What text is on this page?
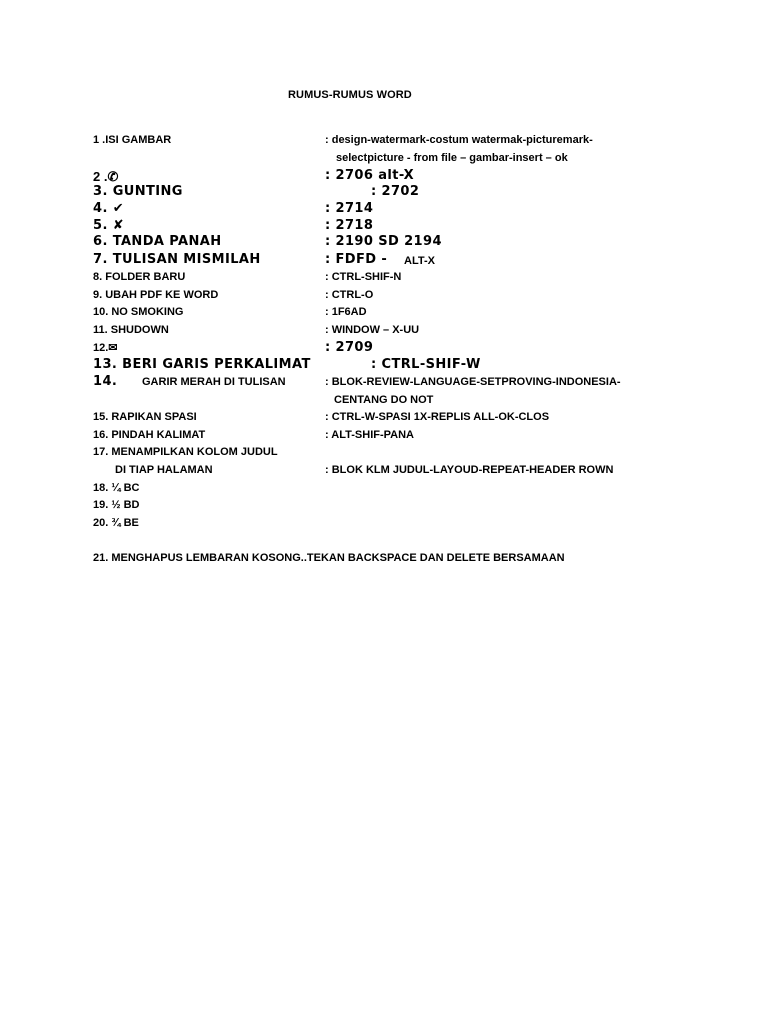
RUMUS-RUMUS WORD
1 .ISI GAMBAR	: design-watermark-costum watermak-picturemark-
selectpicture - from file – gambar-insert – ok
2 .✆	: 2706 alt-X
3. GUNTING	: 2702
4. ✔	: 2714
5. ✘	: 2718
6. TANDA PANAH	: 2190 SD 2194
7. TULISAN MISMILAH	: FDFD - ALT-X
8. FOLDER BARU	: CTRL-SHIF-N
9. UBAH PDF KE WORD	: CTRL-O
10. NO SMOKING	: 1F6AD
11. SHUDOWN	: WINDOW – X-UU
12.✉	: 2709
13. BERI GARIS PERKALIMAT	: CTRL-SHIF-W
14. GARIR MERAH DI TULISAN	: BLOK-REVIEW-LANGUAGE-SETPROVING-INDONESIA-
CENTANG DO NOT
15. RAPIKAN SPASI	: CTRL-W-SPASI 1X-REPLIS ALL-OK-CLOS
16. PINDAH KALIMAT	: ALT-SHIF-PANA
17. MENAMPILKAN KOLOM JUDUL
DI TIAP HALAMAN	: BLOK KLM JUDUL-LAYOUD-REPEAT-HEADER ROWN
18. ¼ BC
19. ½ BD
20. ¾ BE
21. MENGHAPUS LEMBARAN KOSONG..TEKAN BACKSPACE DAN DELETE BERSAMAAN
